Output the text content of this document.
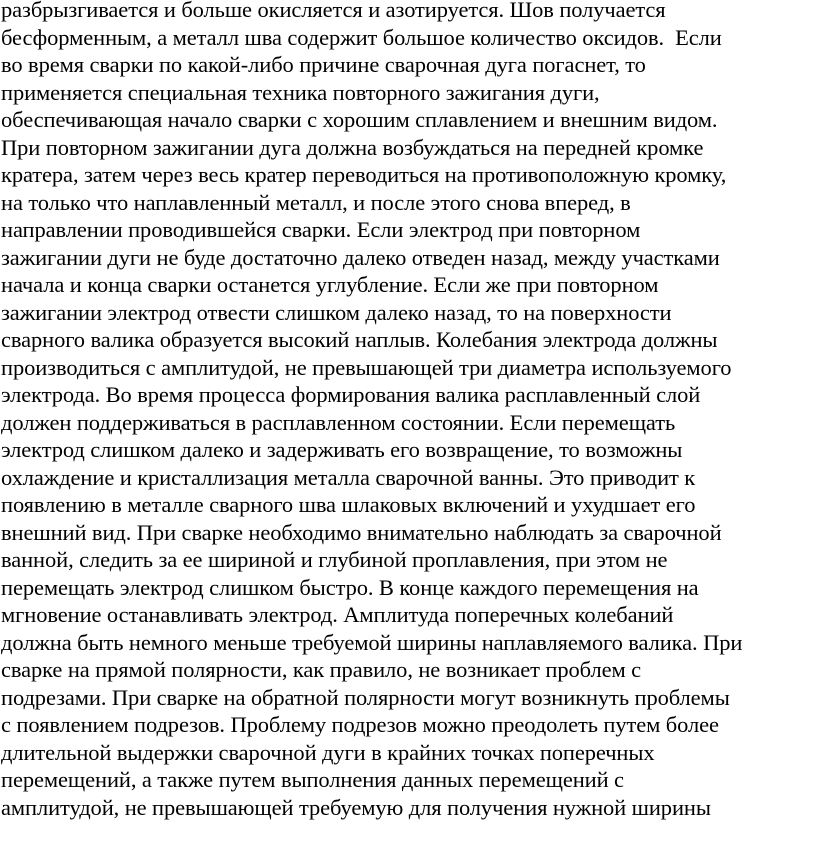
разбрызгивается и больше окисляется и азотируется. Шов получается
бесформенным, а металл шва содержит большое количество оксидов.  Если
во время сварки по какой-либо причине сварочная дуга погаснет, то
применяется специальная техника повторного зажигания дуги,
обеспечивающая начало сварки с хорошим сплавлением и внешним видом.
При повторном зажигании дуга должна возбуждаться на передней кромке
кратера, затем через весь кратер переводиться на противоположную кромку,
на только что наплавленный металл, и после этого снова вперед, в
направлении проводившейся сварки. Если электрод при повторном
зажигании дуги не буде достаточно далеко отведен назад, между участками
начала и конца сварки останется углубление. Если же при повторном
зажигании электрод отвести слишком далеко назад, то на поверхности
сварного валика образуется высокий наплыв. Колебания электрода должны
производиться с амплитудой, не превышающей три диаметра используемого
электрода. Во время процесса формирования валика расплавленный слой
должен поддерживаться в расплавленном состоянии. Если перемещать
электрод слишком далеко и задерживать его возвращение, то возможны
охлаждение и кристаллизация металла сварочной ванны. Это приводит к
появлению в металле сварного шва шлаковых включений и ухудшает его
внешний вид. При сварке необходимо внимательно наблюдать за сварочной
ванной, следить за ее шириной и глубиной проплавления, при этом не
перемещать электрод слишком быстро. В конце каждого перемещения на
мгновение останавливать электрод. Амплитуда поперечных колебаний
должна быть немного меньше требуемой ширины наплавляемого валика. При
сварке на прямой полярности, как правило, не возникает проблем с
подрезами. При сварке на обратной полярности могут возникнуть проблемы
с появлением подрезов. Проблему подрезов можно преодолеть путем более
длительной выдержки сварочной дуги в крайних точках поперечных
перемещений, а также путем выполнения данных перемещений с
амплитудой, не превышающей требуемую для получения нужной ширины
